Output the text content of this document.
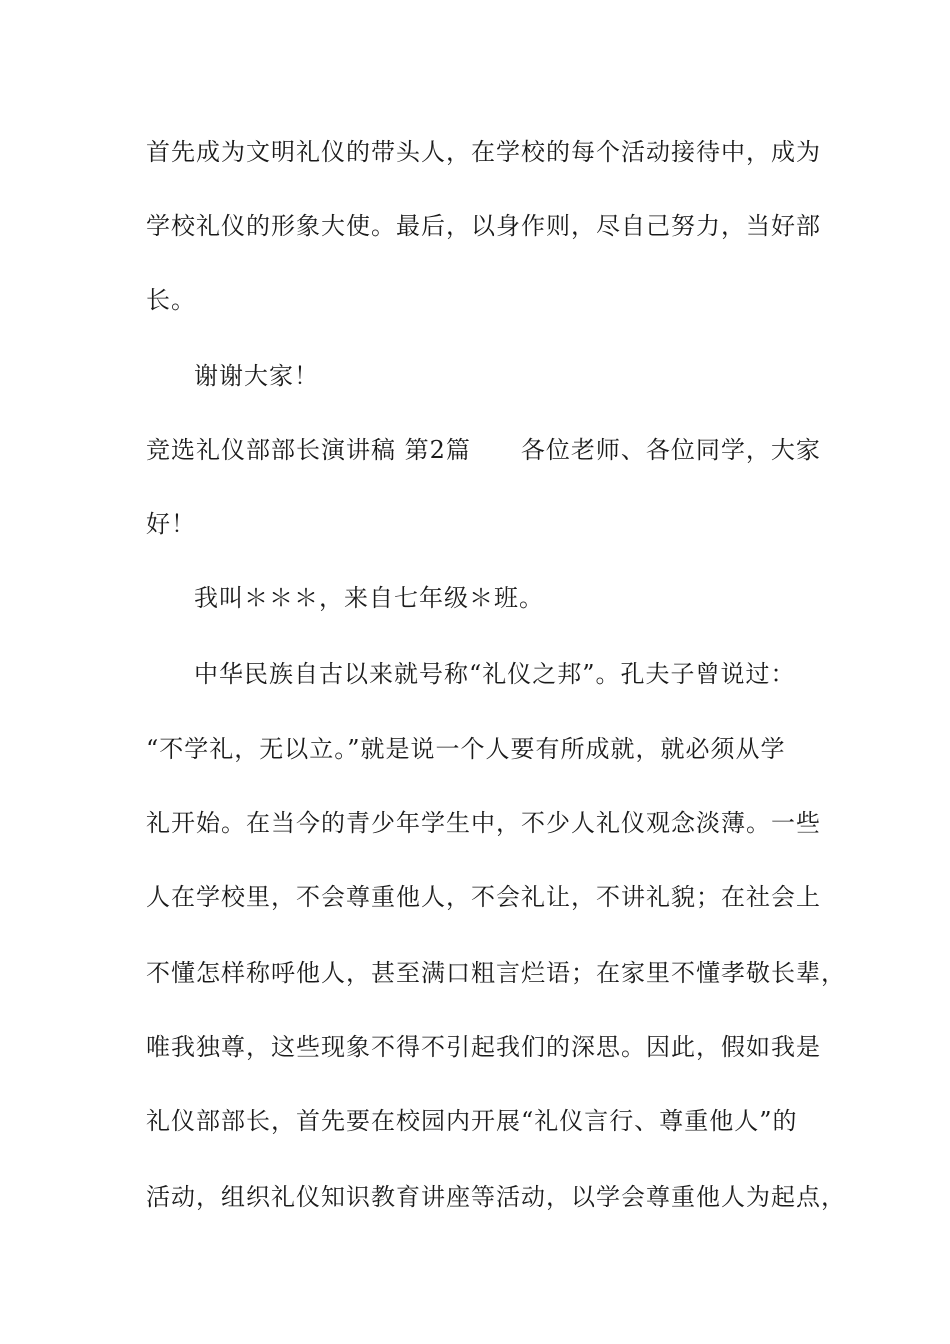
首先成为文明礼仪的带头人，在学校的每个活动接待中，成为
学校礼仪的形象大使。最后，以身作则，尽自己努力，当好部
长。
谢谢大家！
竞选礼仪部部长演讲稿 第2篇 各位老师、各位同学，大家
好！
我叫＊＊＊，来自七年级＊班。
中华民族自古以来就号称“礼仪之邦”。孔夫子曾说过：
“不学礼，无以立。”就是说一个人要有所成就，就必须从学
礼开始。在当今的青少年学生中，不少人礼仪观念淡薄。一些
人在学校里，不会尊重他人，不会礼让，不讲礼貌；在社会上
不懂怎样称呼他人，甚至满口粗言烂语；在家里不懂孝敬长辈，
唯我独尊，这些现象不得不引起我们的深思。因此，假如我是
礼仪部部长，首先要在校园内开展“礼仪言行、尊重他人”的
活动，组织礼仪知识教育讲座等活动，以学会尊重他人为起点，
